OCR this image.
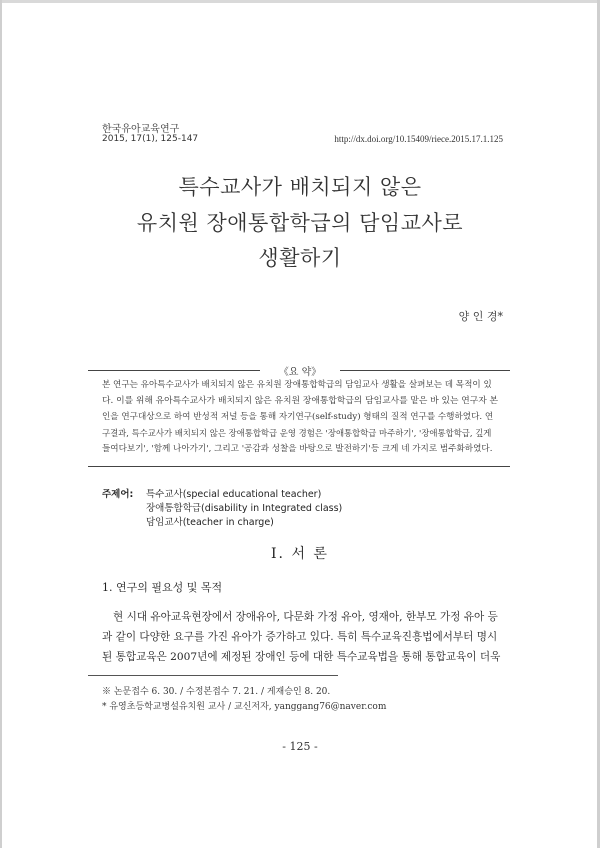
한국유아교육연구
2015, 17(1), 125-147	http://dx.doi.org/10.15409/riece.2015.17.1.125
특수교사가 배치되지 않은
유치원 장애통합학급의 담임교사로
생활하기
양 인 경*
《요 약》
본 연구는 유아특수교사가 배치되지 않은 유치원 장애통합학급의 담임교사 생활을 살펴보는 데 목적이 있
다. 이를 위해 유아특수교사가 배치되지 않은 유치원 장애통합학급의 담임교사를 맡은 바 있는 연구자 본
인을 연구대상으로 하여 반성적 저널 등을 통해 자기연구(self-study) 형태의 질적 연구를 수행하였다. 연
구결과, 특수교사가 배치되지 않은 장애통합학급 운영 경험은 '장애통합학급 마주하기', '장애통합학급, 깊게
들여다보기', '함께 나아가기', 그리고 '공감과 성찰을 바탕으로 발전하기'등 크게 네 가지로 범주화하였다.
주제어: 특수교사(special educational teacher)
장애통합학급(disability in Integrated class)
담임교사(teacher in charge)
Ⅰ. 서 론
1. 연구의 필요성 및 목적
현 시대 유아교육현장에서 장애유아, 다문화 가정 유아, 영재아, 한부모 가정 유아 등
과 같이 다양한 요구를 가진 유아가 증가하고 있다. 특히 특수교육진흥법에서부터 명시
된 통합교육은 2007년에 제정된 장애인 등에 대한 특수교육법을 통해 통합교육이 더욱
※ 논문접수 6. 30. / 수정본접수 7. 21. / 게재승인 8. 20.
* 유영초등학교병설유치원 교사 / 교신저자, yanggang76@naver.com
- 125 -
